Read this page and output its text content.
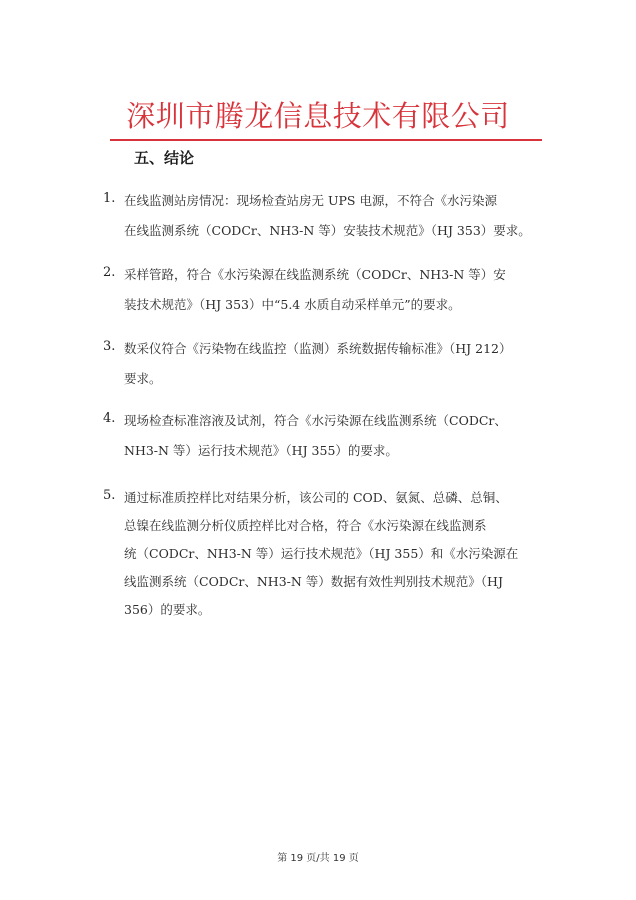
深圳市腾龙信息技术有限公司
五、结论
1. 在线监测站房情况：现场检查站房无 UPS 电源，不符合《水污染源
在线监测系统（CODCr、NH3-N 等）安装技术规范》（HJ 353）要求。
2. 采样管路，符合《水污染源在线监测系统（CODCr、NH3-N 等）安
装技术规范》（HJ 353）中“5.4 水质自动采样单元”的要求。
3. 数采仪符合《污染物在线监控（监测）系统数据传输标准》（HJ 212）
要求。
4. 现场检查标准溶液及试剂，符合《水污染源在线监测系统（CODCr、
NH3-N 等）运行技术规范》（HJ 355）的要求。
5. 通过标准质控样比对结果分析，该公司的 COD、氨氮、总磷、总铜、
总镍在线监测分析仪质控样比对合格，符合《水污染源在线监测系
统（CODCr、NH3-N 等）运行技术规范》（HJ 355）和《水污染源在
线监测系统（CODCr、NH3-N 等）数据有效性判别技术规范》（HJ
356）的要求。
第 19 页/共 19 页
